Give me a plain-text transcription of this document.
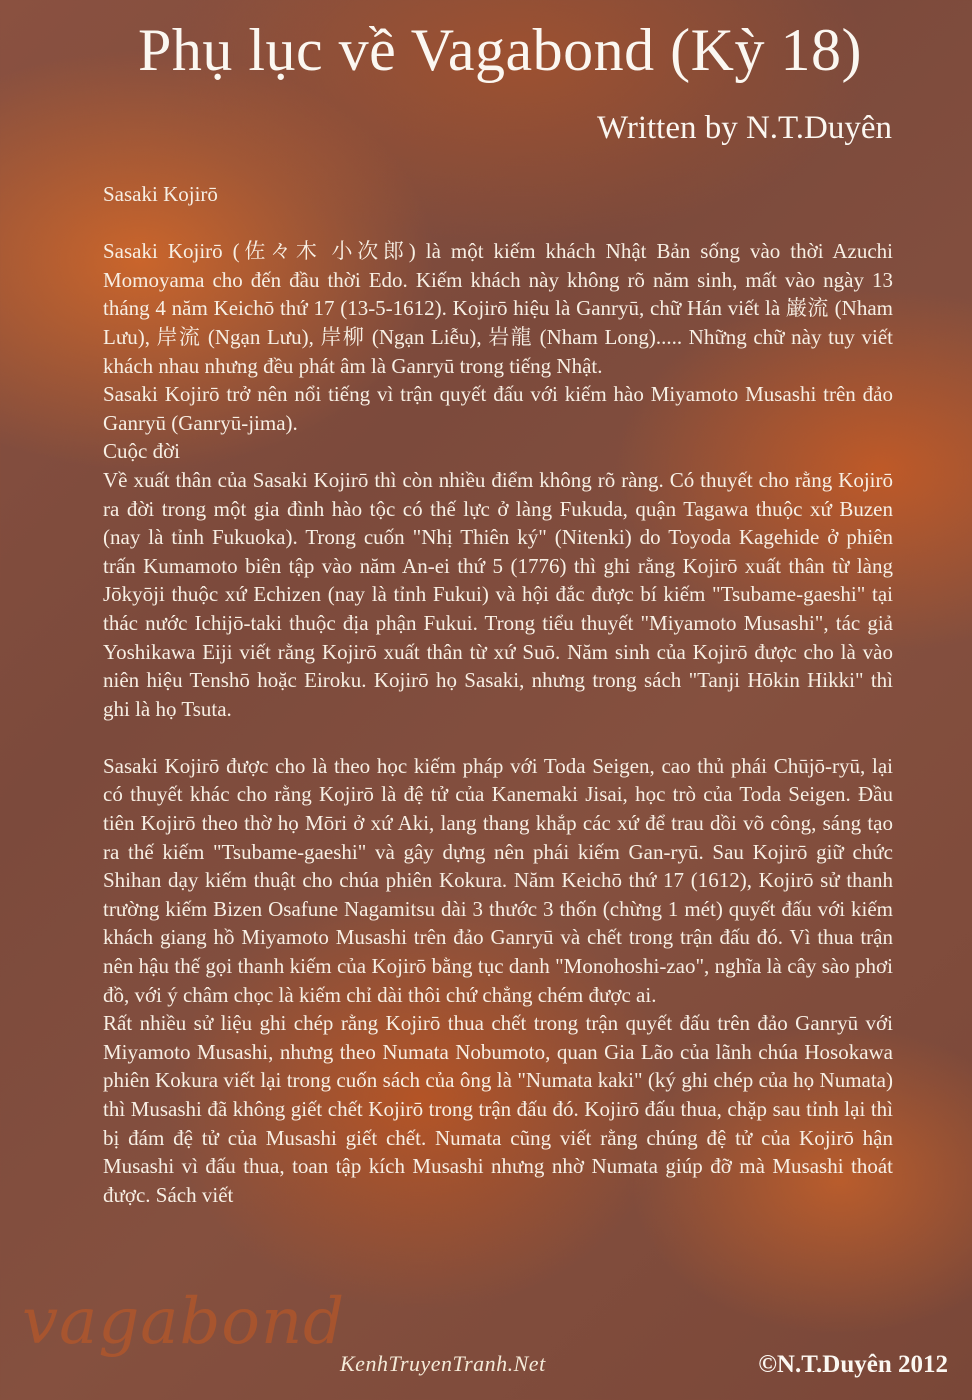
Phụ lục về Vagabond (Kỳ 18)
Written by N.T.Duyên

Sasaki Kojirō

Sasaki Kojirō (佐々木 小次郎) là một kiếm khách Nhật Bản sống vào thời Azuchi Momoyama cho đến đầu thời Edo. Kiếm khách này không rõ năm sinh, mất vào ngày 13 tháng 4 năm Keichō thứ 17 (13-5-1612). Kojirō hiệu là Ganryū, chữ Hán viết là 巌流 (Nham Lưu), 岸流 (Ngạn Lưu), 岸柳 (Ngạn Liễu), 岩龍 (Nham Long)..... Những chữ này tuy viết khách nhau nhưng đều phát âm là Ganryū trong tiếng Nhật.

Sasaki Kojirō trở nên nổi tiếng vì trận quyết đấu với kiếm hào Miyamoto Musashi trên đảo Ganryū (Ganryū-jima).

Cuộc đời

Về xuất thân của Sasaki Kojirō thì còn nhiều điểm không rõ ràng. Có thuyết cho rằng Kojirō ra đời trong một gia đình hào tộc có thế lực ở làng Fukuda, quận Tagawa thuộc xứ Buzen (nay là tỉnh Fukuoka). Trong cuốn "Nhị Thiên ký" (Nitenki) do Toyoda Kagehide ở phiên trấn Kumamoto biên tập vào năm An-ei thứ 5 (1776) thì ghi rằng Kojirō xuất thân từ làng Jōkyōji thuộc xứ Echizen (nay là tỉnh Fukui) và hội đắc được bí kiếm "Tsubame-gaeshi" tại thác nước Ichijō-taki thuộc địa phận Fukui. Trong tiểu thuyết "Miyamoto Musashi", tác giả Yoshikawa Eiji viết rằng Kojirō xuất thân từ xứ Suō. Năm sinh của Kojirō được cho là vào niên hiệu Tenshō hoặc Eiroku. Kojirō họ Sasaki, nhưng trong sách "Tanji Hōkin Hikki" thì ghi là họ Tsuta.

Sasaki Kojirō được cho là theo học kiếm pháp với Toda Seigen, cao thủ phái Chūjō-ryū, lại có thuyết khác cho rằng Kojirō là đệ tử của Kanemaki Jisai, học trò của Toda Seigen. Đầu tiên Kojirō theo thờ họ Mōri ở xứ Aki, lang thang khắp các xứ để trau dồi võ công, sáng tạo ra thế kiếm "Tsubame-gaeshi" và gây dựng nên phái kiếm Gan-ryū. Sau Kojirō giữ chức Shihan dạy kiếm thuật cho chúa phiên Kokura. Năm Keichō thứ 17 (1612), Kojirō sử thanh trường kiếm Bizen Osafune Nagamitsu dài 3 thước 3 thốn (chừng 1 mét) quyết đấu với kiếm khách giang hồ Miyamoto Musashi trên đảo Ganryū và chết trong trận đấu đó. Vì thua trận nên hậu thế gọi thanh kiếm của Kojirō bằng tục danh "Monohoshi-zao", nghĩa là cây sào phơi đồ, với ý châm chọc là kiếm chỉ dài thôi chứ chẳng chém được ai.

Rất nhiều sử liệu ghi chép rằng Kojirō thua chết trong trận quyết đấu trên đảo Ganryū với Miyamoto Musashi, nhưng theo Numata Nobumoto, quan Gia Lão của lãnh chúa Hosokawa phiên Kokura viết lại trong cuốn sách của ông là "Numata kaki" (ký ghi chép của họ Numata) thì Musashi đã không giết chết Kojirō trong trận đấu đó. Kojirō đấu thua, chặp sau tỉnh lại thì bị đám đệ tử của Musashi giết chết. Numata cũng viết rằng chúng đệ tử của Kojirō hận Musashi vì đấu thua, toan tập kích Musashi nhưng nhờ Numata giúp đỡ mà Musashi thoát được. Sách viết

vagabond
KenhTruyenTranh.Net	©N.T.Duyên 2012
